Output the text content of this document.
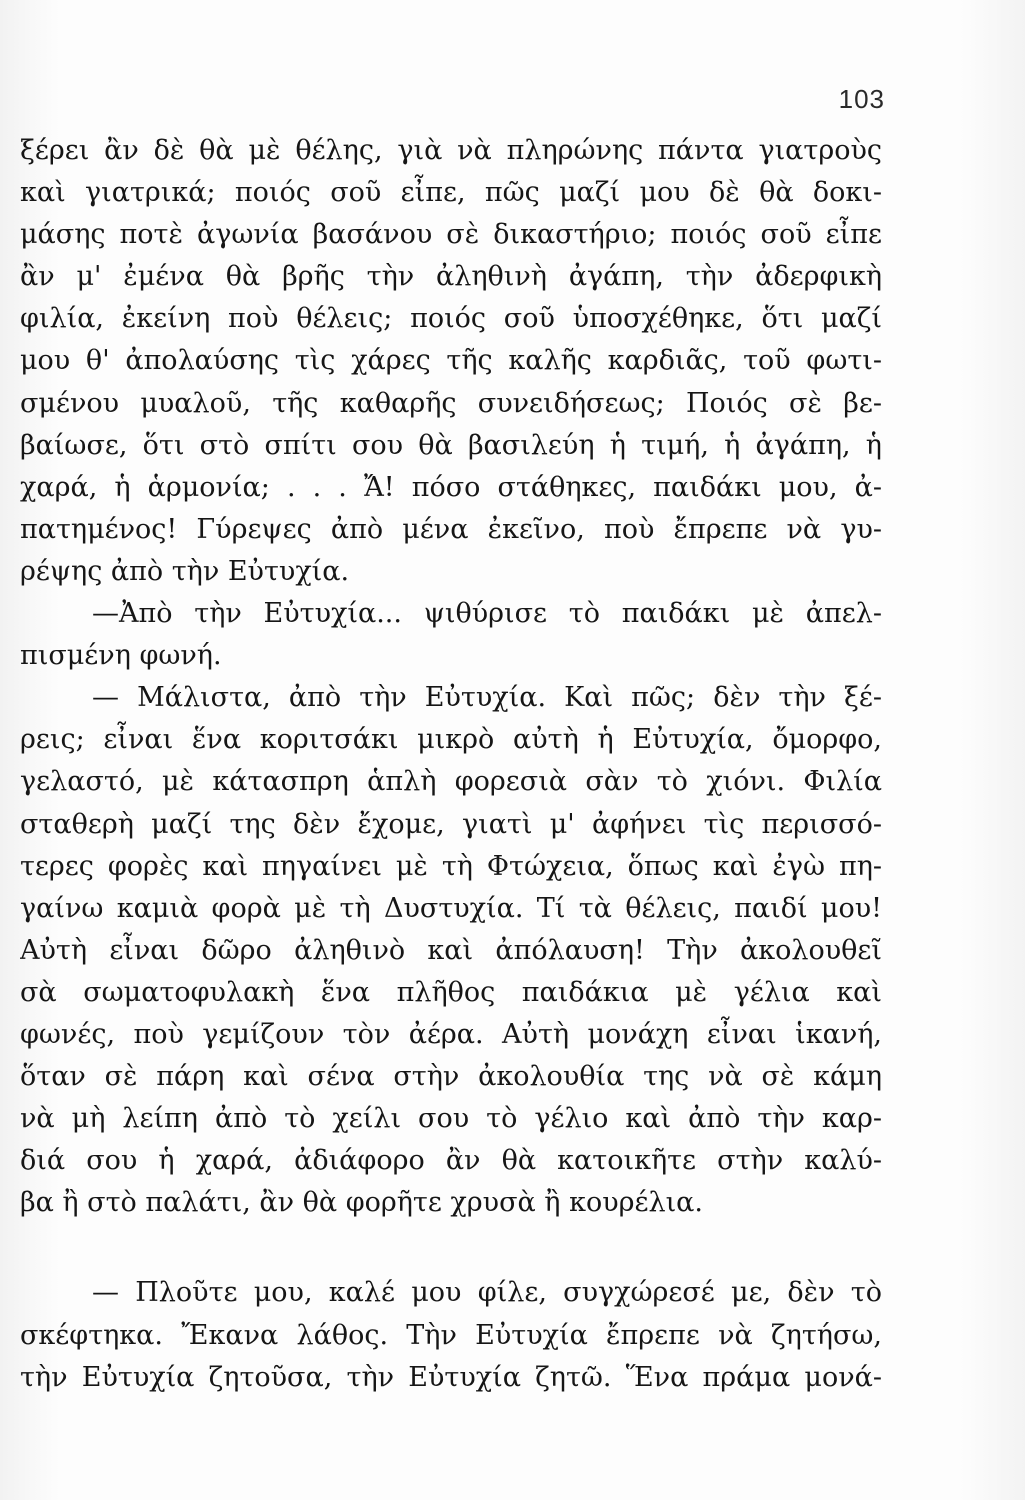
103
ξέρει ἂν δὲ θὰ μὲ θέλης, γιὰ νὰ πληρώνης πάντα γιατροὺς
καὶ γιατρικά; ποιός σοῦ εἶπε, πῶς μαζί μου δὲ θὰ δοκι-
μάσης ποτὲ ἀγωνία βασάνου σὲ δικαστήριο; ποιός σοῦ εἶπε
ἂν μ' ἐμένα θὰ βρῆς τὴν ἀληθινὴ ἀγάπη, τὴν ἀδερφικὴ
φιλία, ἐκείνη ποὺ θέλεις; ποιός σοῦ ὑποσχέθηκε, ὅτι μαζί
μου θ' ἀπολαύσης τὶς χάρες τῆς καλῆς καρδιᾶς, τοῦ φωτι-
σμένου μυαλοῦ, τῆς καθαρῆς συνειδήσεως; Ποιός σὲ βε-
βαίωσε, ὅτι στὸ σπίτι σου θὰ βασιλεύη ἡ τιμή, ἡ ἀγάπη, ἡ
χαρά, ἡ ἁρμονία; . . . Ἄ! πόσο στάθηκες, παιδάκι μου, ἀ-
πατημένος! Γύρεψες ἀπὸ μένα ἐκεῖνο, ποὺ ἔπρεπε νὰ γυ-
ρέψης ἀπὸ τὴν Εὐτυχία.
—Ἀπὸ τὴν Εὐτυχία... ψιθύρισε τὸ παιδάκι μὲ ἀπελ-
πισμένη φωνή.
— Μάλιστα, ἀπὸ τὴν Εὐτυχία. Καὶ πῶς; δὲν τὴν ξέ-
ρεις; εἶναι ἕνα κοριτσάκι μικρὸ αὐτὴ ἡ Εὐτυχία, ὄμορφο,
γελαστό, μὲ κάτασπρη ἁπλὴ φορεσιὰ σὰν τὸ χιόνι. Φιλία
σταθερὴ μαζί της δὲν ἔχομε, γιατὶ μ' ἀφήνει τὶς περισσό-
τερες φορὲς καὶ πηγαίνει μὲ τὴ Φτώχεια, ὅπως καὶ ἐγὼ πη-
γαίνω καμιὰ φορὰ μὲ τὴ Δυστυχία. Τί τὰ θέλεις, παιδί μου!
Αὐτὴ εἶναι δῶρο ἀληθινὸ καὶ ἀπόλαυση! Τὴν ἀκολουθεῖ
σὰ σωματοφυλακὴ ἕνα πλῆθος παιδάκια μὲ γέλια καὶ
φωνές, ποὺ γεμίζουν τὸν ἀέρα. Αὐτὴ μονάχη εἶναι ἱκανή,
ὅταν σὲ πάρη καὶ σένα στὴν ἀκολουθία της νὰ σὲ κάμη
νὰ μὴ λείπη ἀπὸ τὸ χείλι σου τὸ γέλιο καὶ ἀπὸ τὴν καρ-
διά σου ἡ χαρά, ἀδιάφορο ἂν θὰ κατοικῆτε στὴν καλύ-
βα ἢ στὸ παλάτι, ἂν θὰ φορῆτε χρυσὰ ἢ κουρέλια.
— Πλοῦτε μου, καλέ μου φίλε, συγχώρεσέ με, δὲν τὸ
σκέφτηκα. Ἔκανα λάθος. Τὴν Εὐτυχία ἔπρεπε νὰ ζητήσω,
τὴν Εὐτυχία ζητοῦσα, τὴν Εὐτυχία ζητῶ. Ἕνα πράμα μονά-
